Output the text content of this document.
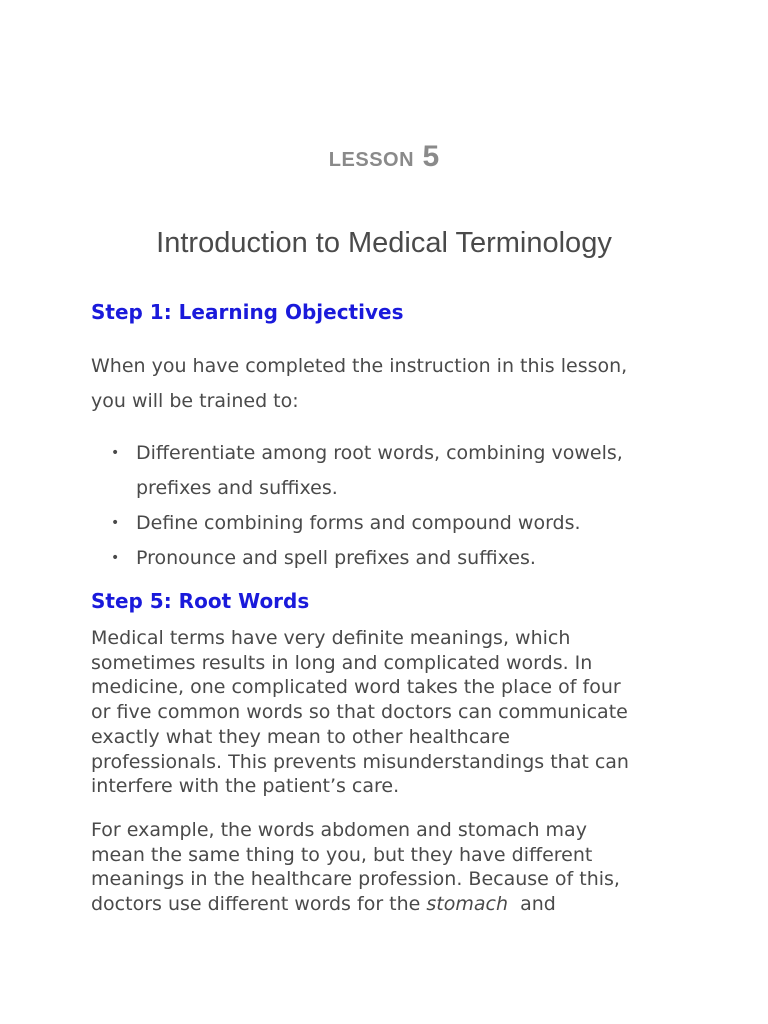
LESSON 5
Introduction to Medical Terminology
Step 1: Learning Objectives

When you have completed the instruction in this lesson,
you will be trained to:

• Differentiate among root words, combining vowels,
prefixes and suffixes.
• Define combining forms and compound words.
• Pronounce and spell prefixes and suffixes.
Step 5: Root Words

Medical terms have very definite meanings, which
sometimes results in long and complicated words. In
medicine, one complicated word takes the place of four
or five common words so that doctors can communicate
exactly what they mean to other healthcare
professionals. This prevents misunderstandings that can
interfere with the patient’s care.

For example, the words abdomen and stomach may
mean the same thing to you, but they have different
meanings in the healthcare profession. Because of this,
doctors use different words for the stomach  and
